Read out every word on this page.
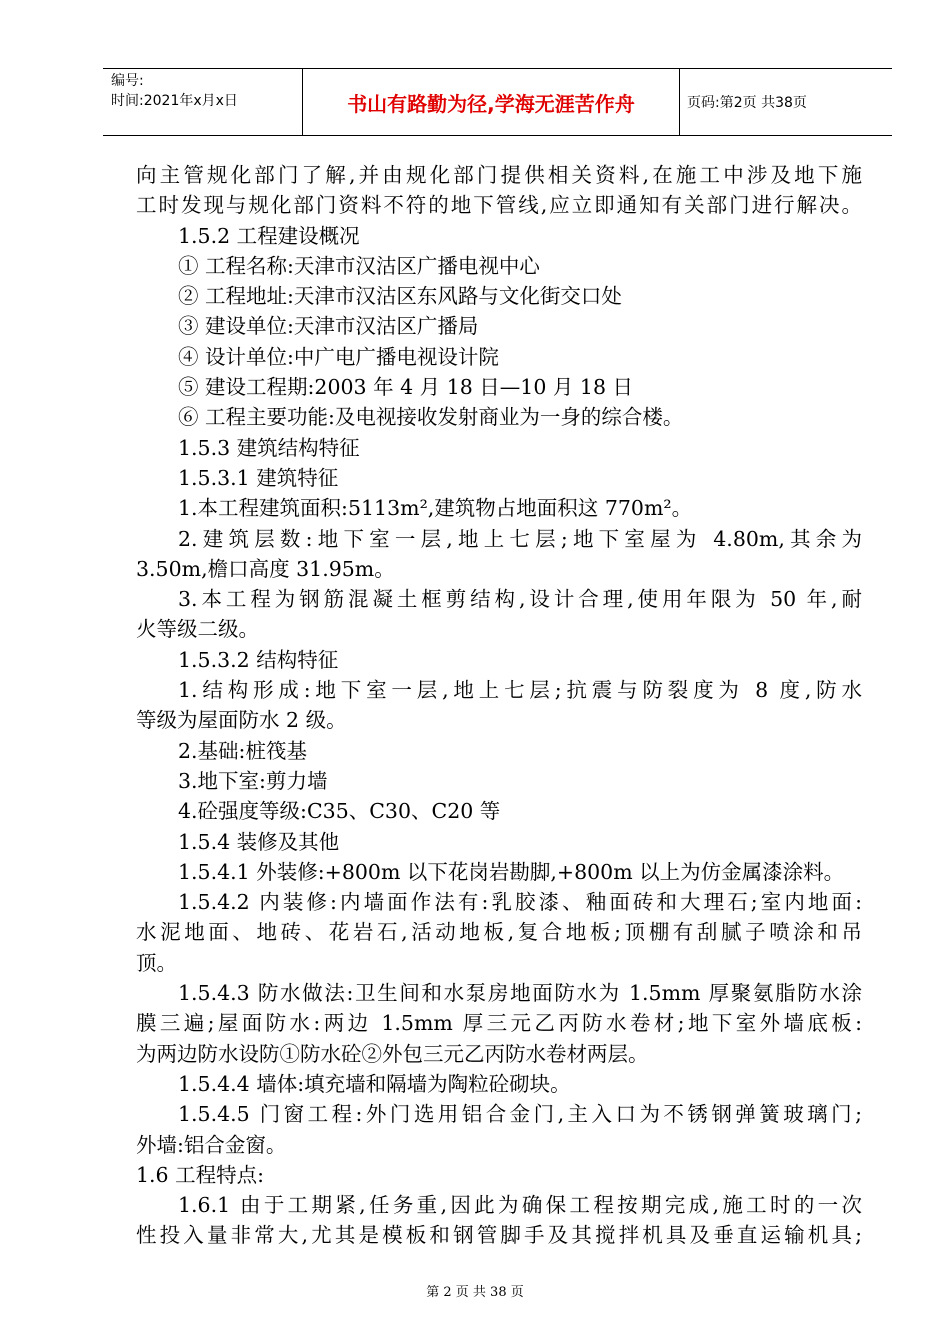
编号:
时间:2021年x月x日	书山有路勤为径,学海无涯苦作舟	页码:第2页 共38页
向主管规化部门了解,并由规化部门提供相关资料,在施工中涉及地下施
工时发现与规化部门资料不符的地下管线,应立即通知有关部门进行解决。
1.5.2 工程建设概况
① 工程名称:天津市汉沽区广播电视中心
② 工程地址:天津市汉沽区东风路与文化街交口处
③ 建设单位:天津市汉沽区广播局
④ 设计单位:中广电广播电视设计院
⑤ 建设工程期:2003 年 4 月 18 日—10 月 18 日
⑥ 工程主要功能:及电视接收发射商业为一身的综合楼。
1.5.3 建筑结构特征
1.5.3.1 建筑特征
1.本工程建筑面积:5113m²,建筑物占地面积这 770m²。
2.建筑层数:地下室一层,地上七层;地下室屋为 4.80m,其余为
3.50m,檐口高度 31.95m。
3.本工程为钢筋混凝土框剪结构,设计合理,使用年限为 50 年,耐
火等级二级。
1.5.3.2 结构特征
1.结构形成:地下室一层,地上七层;抗震与防裂度为 8 度,防水
等级为屋面防水 2 级。
2.基础:桩筏基
3.地下室:剪力墙
4.砼强度等级:C35、C30、C20 等
1.5.4 装修及其他
1.5.4.1 外装修:+800m 以下花岗岩勘脚,+800m 以上为仿金属漆涂料。
1.5.4.2 内装修:内墙面作法有:乳胶漆、釉面砖和大理石;室内地面:
水泥地面、地砖、花岩石,活动地板,复合地板;顶棚有刮腻子喷涂和吊
顶。
1.5.4.3 防水做法:卫生间和水泵房地面防水为 1.5mm 厚聚氨脂防水涂
膜三遍;屋面防水:两边 1.5mm 厚三元乙丙防水卷材;地下室外墙底板:
为两边防水设防①防水砼②外包三元乙丙防水卷材两层。
1.5.4.4 墙体:填充墙和隔墙为陶粒砼砌块。
1.5.4.5 门窗工程:外门选用铝合金门,主入口为不锈钢弹簧玻璃门;
外墙:铝合金窗。
1.6 工程特点:
1.6.1 由于工期紧,任务重,因此为确保工程按期完成,施工时的一次
性投入量非常大,尤其是模板和钢管脚手及其搅拌机具及垂直运输机具;
第 2 页 共 38 页
